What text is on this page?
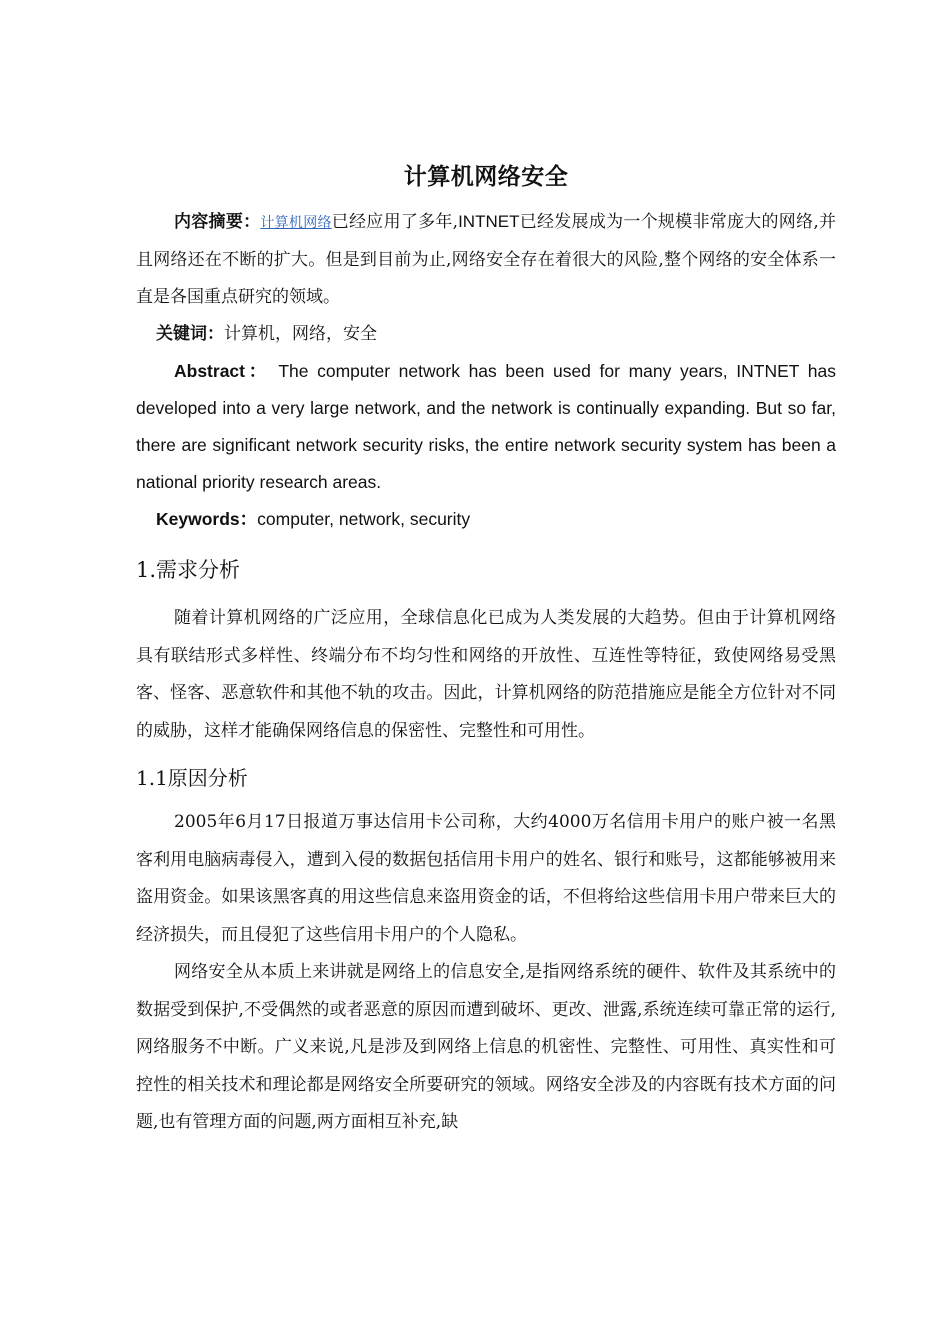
计算机网络安全

内容摘要：计算机网络已经应用了多年,INTNET已经发展成为一个规模非常庞大的网络,并且网络还在不断的扩大。但是到目前为止,网络安全存在着很大的风险,整个网络的安全体系一直是各国重点研究的领域。

关键词：计算机，网络，安全

Abstract： The computer network has been used for many years, INTNET has developed into a very large network, and the network is continually expanding. But so far, there are significant network security risks, the entire network security system has been a national priority research areas.

Keywords：computer, network, security

1.需求分析

随着计算机网络的广泛应用，全球信息化已成为人类发展的大趋势。但由于计算机网络具有联结形式多样性、终端分布不均匀性和网络的开放性、互连性等特征，致使网络易受黑客、怪客、恶意软件和其他不轨的攻击。因此，计算机网络的防范措施应是能全方位针对不同的威胁，这样才能确保网络信息的保密性、完整性和可用性。

1.1原因分析

2005年6月17日报道万事达信用卡公司称，大约4000万名信用卡用户的账户被一名黑客利用电脑病毒侵入，遭到入侵的数据包括信用卡用户的姓名、银行和账号，这都能够被用来盗用资金。如果该黑客真的用这些信息来盗用资金的话，不但将给这些信用卡用户带来巨大的经济损失，而且侵犯了这些信用卡用户的个人隐私。

网络安全从本质上来讲就是网络上的信息安全,是指网络系统的硬件、软件及其系统中的数据受到保护,不受偶然的或者恶意的原因而遭到破坏、更改、泄露,系统连续可靠正常的运行,网络服务不中断。广义来说,凡是涉及到网络上信息的机密性、完整性、可用性、真实性和可控性的相关技术和理论都是网络安全所要研究的领域。网络安全涉及的内容既有技术方面的问题,也有管理方面的问题,两方面相互补充,缺
